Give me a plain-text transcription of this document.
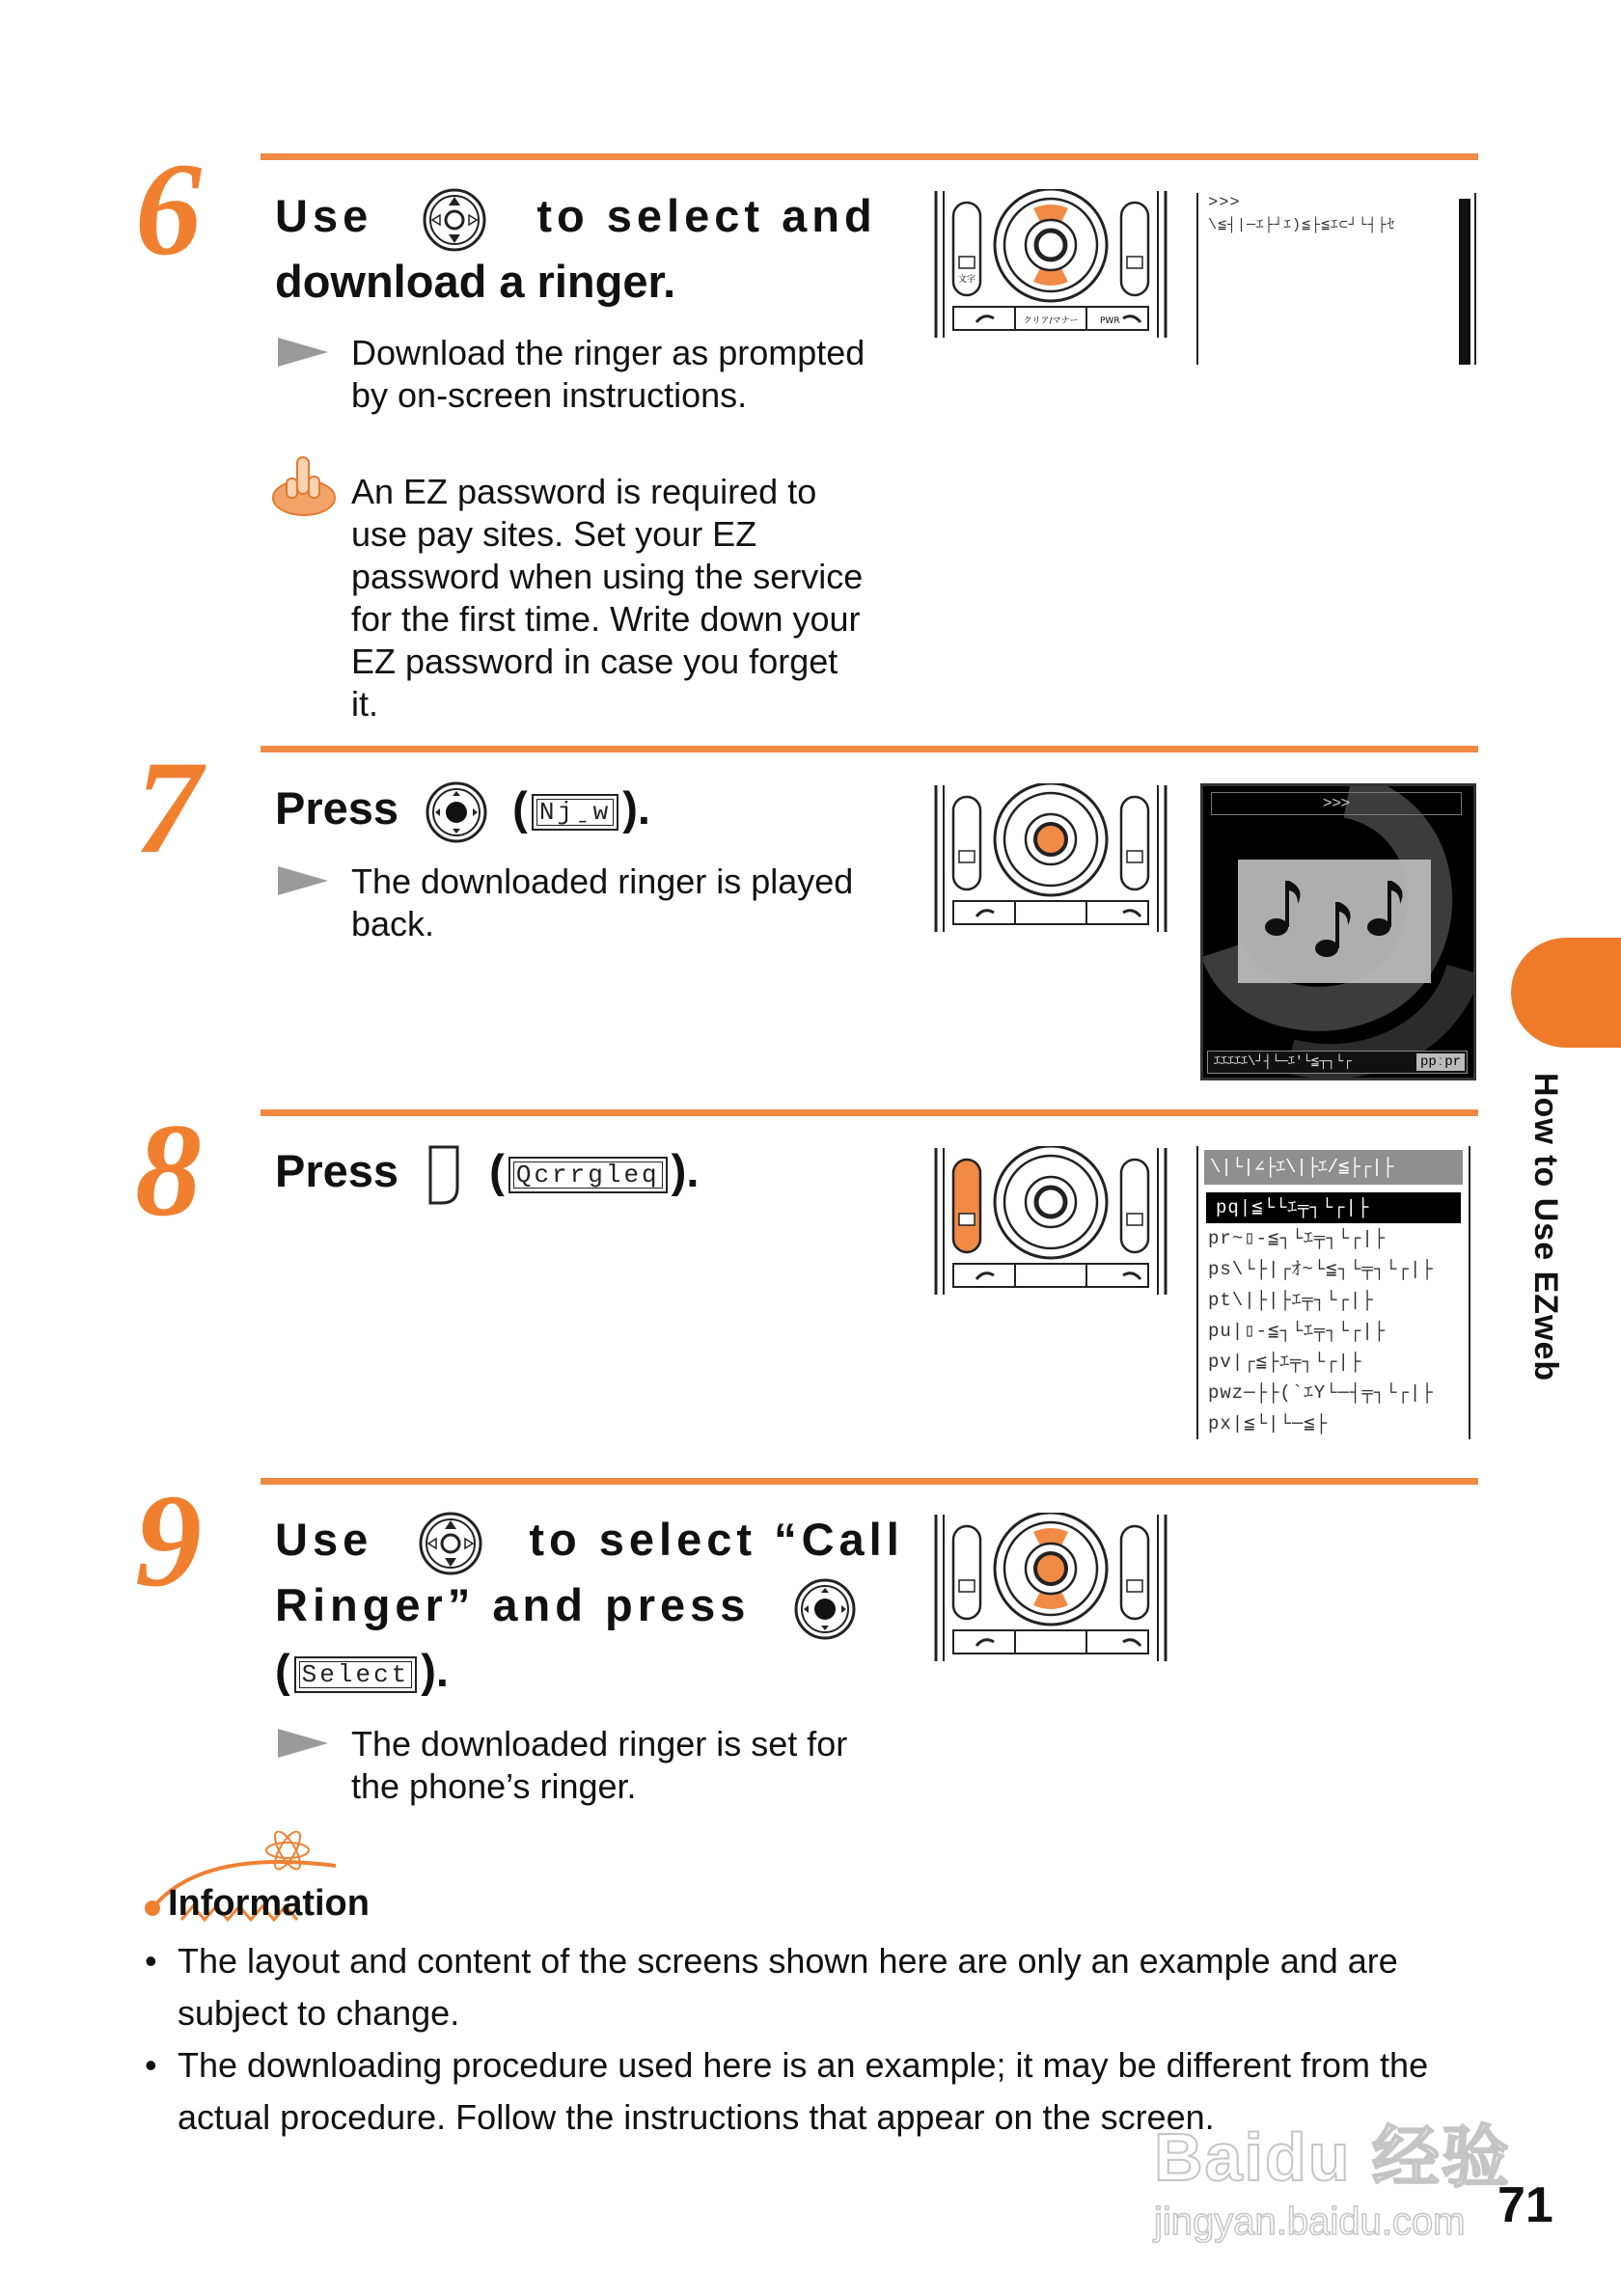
6 Use	to select and
download a ringer.
Download the ringer as prompted by on-screen instructions.
An EZ password is required to use pay sites. Set your EZ password when using the service for the first time. Write down your EZ password in case you forget it.
文字
クリア/マナー PWR
>>>
\≦┤|─ｴ├┘ｴ)≦├≦ｴ⊂┘└┤├ｾ
7 Press  ( Njˍw ).
The downloaded ringer is played back.
>>>
ｴｴｴｴｴ\┘┤└─ｴ'└≦┬┐└┌	ppːpr
8 Press  ( Qcrrgleq ).	\|└|∠├ｴ\|├ｴ/≦├┌|├
pq|≦└└ｴ╤┐└┌|├
pr~▯-≦┐└ｴ╤┐└┌|├
ps\└├|┌ｵ~└≦┐└╤┐└┌|├
pt\|├|├ｴ╤┐└┌|├
pu|▯-≦┐└ｴ╤┐└┌|├
pv|┌≦├ｴ╤┐└┌|├
pwz─├├(`ｴY└─┤╤┐└┌|├
px|≦└|└─≦├
9 Use	to select “Call
Ringer” and press
( Select ).
The downloaded ringer is set for the phone’s ringer.
How to Use EZweb
Information
• The layout and content of the screens shown here are only an example and are subject to change.
• The downloading procedure used here is an example; it may be different from the actual procedure. Follow the instructions that appear on the screen.
Baidu 经验
jingyan.baidu.com 71
